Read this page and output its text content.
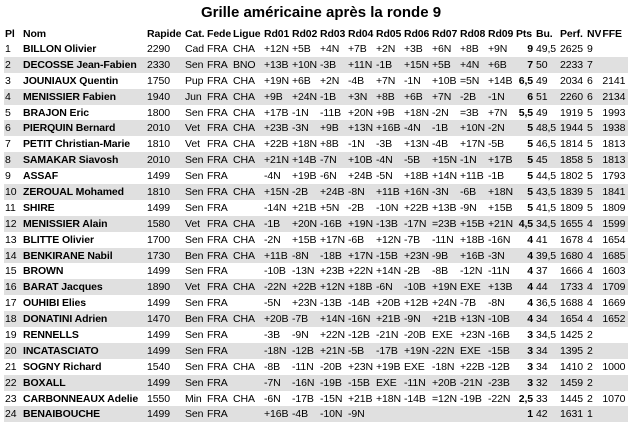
Grille américaine après la ronde 9
Pl	Nom	Rapide	Cat.	Fede	Ligue	Rd01	Rd02	Rd03	Rd04	Rd05	Rd06	Rd07	Rd08	Rd09	Pts	Bu.	Perf.	NV	FFE
1	BILLON Olivier	2290	Cad	FRA	CHA	+12N	+5B	+4N	+7B	+2N	+3B	+6N	+8B	+9N	9	49,5	2625	9	
2	DECOSSE Jean-Fabien	2330	Sen	FRA	BNO	+13B	+10N	-3B	+11N	-1B	+15N	+5B	+4N	+6B	7	50	2233	7	
3	JOUNIAUX Quentin	1750	Pup	FRA	CHA	+19N	+6B	+2N	-4B	+7N	-1N	+10B	=5N	+14B	6,5	49	2034	6	2141
4	MENISSIER Fabien	1940	Jun	FRA	CHA	+9B	+24N	-1B	+3N	+8B	+6B	+7N	-2B	-1N	6	51	2260	6	2134
5	BRAJON Eric	1800	Sen	FRA	CHA	+17B	-1N	-11B	+20N	+9B	+18N	-2N	=3B	+7N	5,5	49	1919	5	1993
6	PIERQUIN Bernard	2010	Vet	FRA	CHA	+23B	-3N	+9B	+13N	+16B	-4N	-1B	+10N	-2N	5	48,5	1944	5	1938
7	PETIT Christian-Marie	1810	Vet	FRA	CHA	+22B	+18N	+8B	-1N	-3B	+13N	-4B	+17N	-5B	5	46,5	1814	5	1813
8	SAMAKAR Siavosh	2010	Sen	FRA	CHA	+21N	+14B	-7N	+10B	-4N	-5B	+15N	-1N	+17B	5	45	1858	5	1813
9	ASSAF	1499	Sen	FRA		-4N	+19B	-6N	+24B	-5N	+18B	+14N	+11B	-1B	5	44,5	1802	5	1793
10	ZEROUAL Mohamed	1810	Sen	FRA	CHA	+15N	-2B	+24B	-8N	+11B	+16N	-3N	-6B	+18N	5	43,5	1839	5	1841
11	SHIRE	1499	Sen	FRA		-14N	+21B	+5N	-2B	-10N	+22B	+13B	-9N	+15B	5	41,5	1809	5	1809
12	MENISSIER Alain	1580	Vet	FRA	CHA	-1B	+20N	-16B	+19N	-13B	-17N	=23B	+15B	+21N	4,5	34,5	1655	4	1599
13	BLITTE Olivier	1700	Sen	FRA	CHA	-2N	+15B	+17N	-6B	+12N	-7B	-11N	+18B	-16N	4	41	1678	4	1654
14	BENKIRANE Nabil	1730	Ben	FRA	CHA	+11B	-8N	-18B	+17N	-15B	+23N	-9B	+16B	-3N	4	39,5	1680	4	1685
15	BROWN	1499	Sen	FRA		-10B	-13N	+23B	+22N	+14N	-2B	-8B	-12N	-11N	4	37	1666	4	1603
16	BARAT Jacques	1890	Vet	FRA	CHA	-22N	+22B	+12N	+18B	-6N	-10B	+19N	EXE	+13B	4	44	1733	4	1709
17	OUHIBI Elies	1499	Sen	FRA		-5N	+23N	-13B	-14B	+20B	+12B	+24N	-7B	-8N	4	36,5	1688	4	1669
18	DONATINI Adrien	1470	Ben	FRA	CHA	+20B	-7B	+14N	-16N	+21B	-9N	+21B	+13N	-10B	4	34	1654	4	1652
19	RENNELLS	1499	Sen	FRA		-3B	-9N	+22N	-12B	-21N	-20B	EXE	+23N	-16B	3	34,5	1425	2	
20	INCATASCIATO	1499	Sen	FRA		-18N	-12B	+21N	-5B	-17B	+19N	-22N	EXE	-15B	3	34	1395	2	
21	SOGNY Richard	1540	Sen	FRA	CHA	-8B	-11N	-20B	+23N	+19B	EXE	-18N	+22B	-12B	3	34	1410	2	1000
22	BOXALL	1499	Sen	FRA		-7N	-16N	-19B	-15B	EXE	-11N	+20B	-21N	-23B	3	32	1459	2	
23	CARBONNEAUX Adelie	1550	Min	FRA	CHA	-6N	-17B	-15N	+21B	+18N	-14B	=12N	-19B	-22N	2,5	33	1445	2	1070
24	BENAIBOUCHE	1499	Sen	FRA		+16B	-4B	-10N	-9N						1	42	1631	1	
